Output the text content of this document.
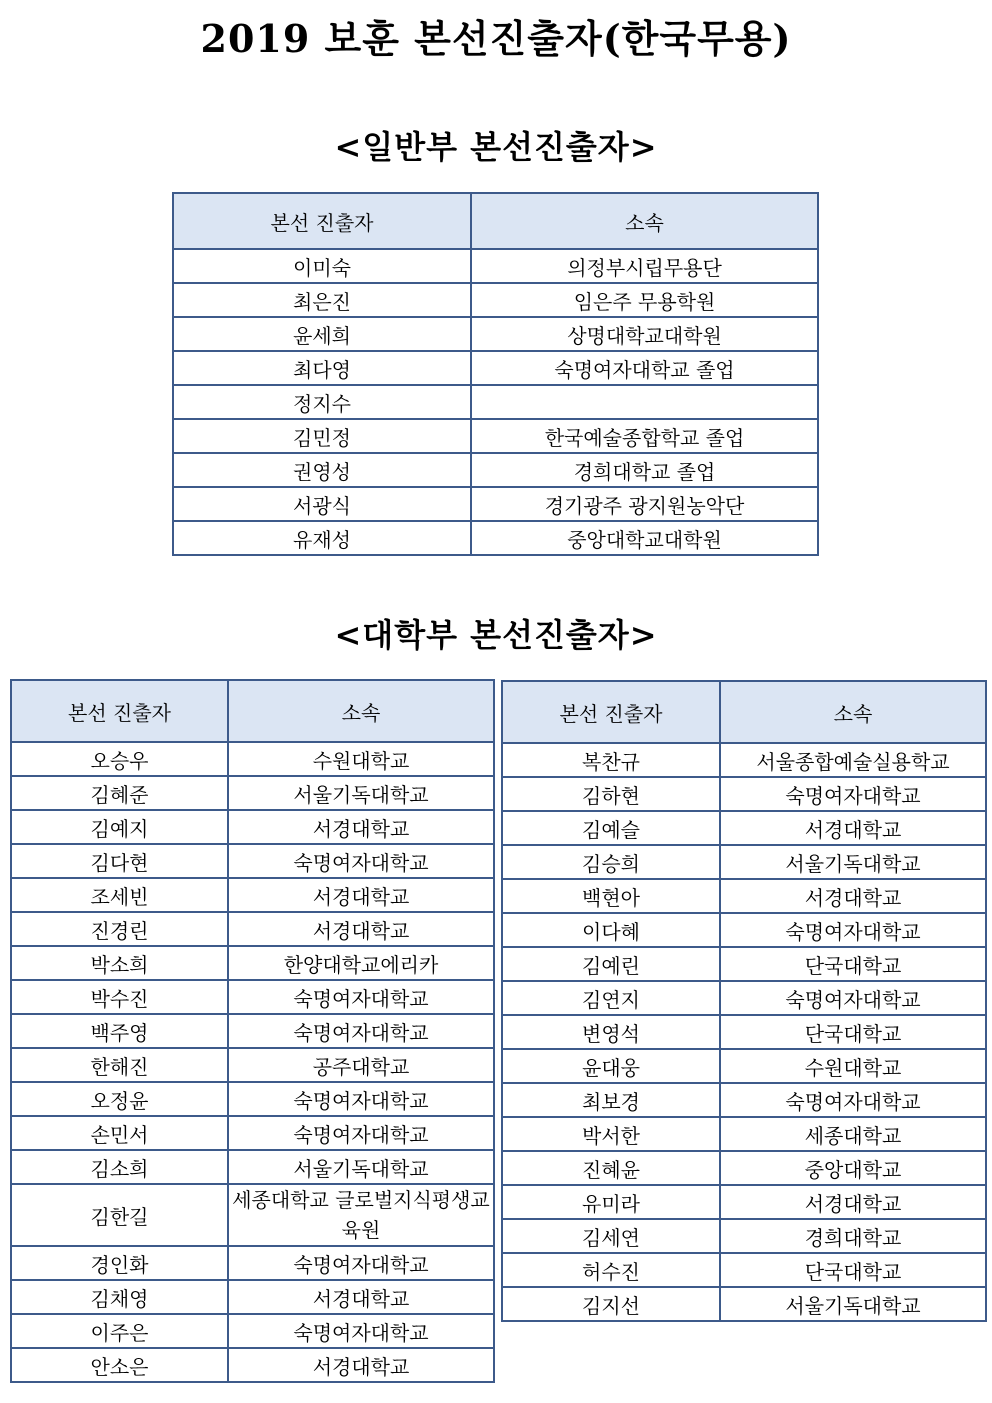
2019 보훈 본선진출자(한국무용)
<일반부 본선진출자>
본선 진출자	소속
이미숙	의정부시립무용단
최은진	임은주 무용학원
윤세희	상명대학교대학원
최다영	숙명여자대학교 졸업
정지수	
김민정	한국예술종합학교 졸업
권영성	경희대학교 졸업
서광식	경기광주 광지원농악단
유재성	중앙대학교대학원
<대학부 본선진출자>
본선 진출자	소속
오승우	수원대학교
김혜준	서울기독대학교
김예지	서경대학교
김다현	숙명여자대학교
조세빈	서경대학교
진경린	서경대학교
박소희	한양대학교에리카
박수진	숙명여자대학교
백주영	숙명여자대학교
한해진	공주대학교
오정윤	숙명여자대학교
손민서	숙명여자대학교
김소희	서울기독대학교
김한길	세종대학교 글로벌지식평생교육원
경인화	숙명여자대학교
김채영	서경대학교
이주은	숙명여자대학교
안소은	서경대학교
본선 진출자	소속
복찬규	서울종합예술실용학교
김하현	숙명여자대학교
김예슬	서경대학교
김승희	서울기독대학교
백현아	서경대학교
이다혜	숙명여자대학교
김예린	단국대학교
김연지	숙명여자대학교
변영석	단국대학교
윤대웅	수원대학교
최보경	숙명여자대학교
박서한	세종대학교
진혜윤	중앙대학교
유미라	서경대학교
김세연	경희대학교
허수진	단국대학교
김지선	서울기독대학교
